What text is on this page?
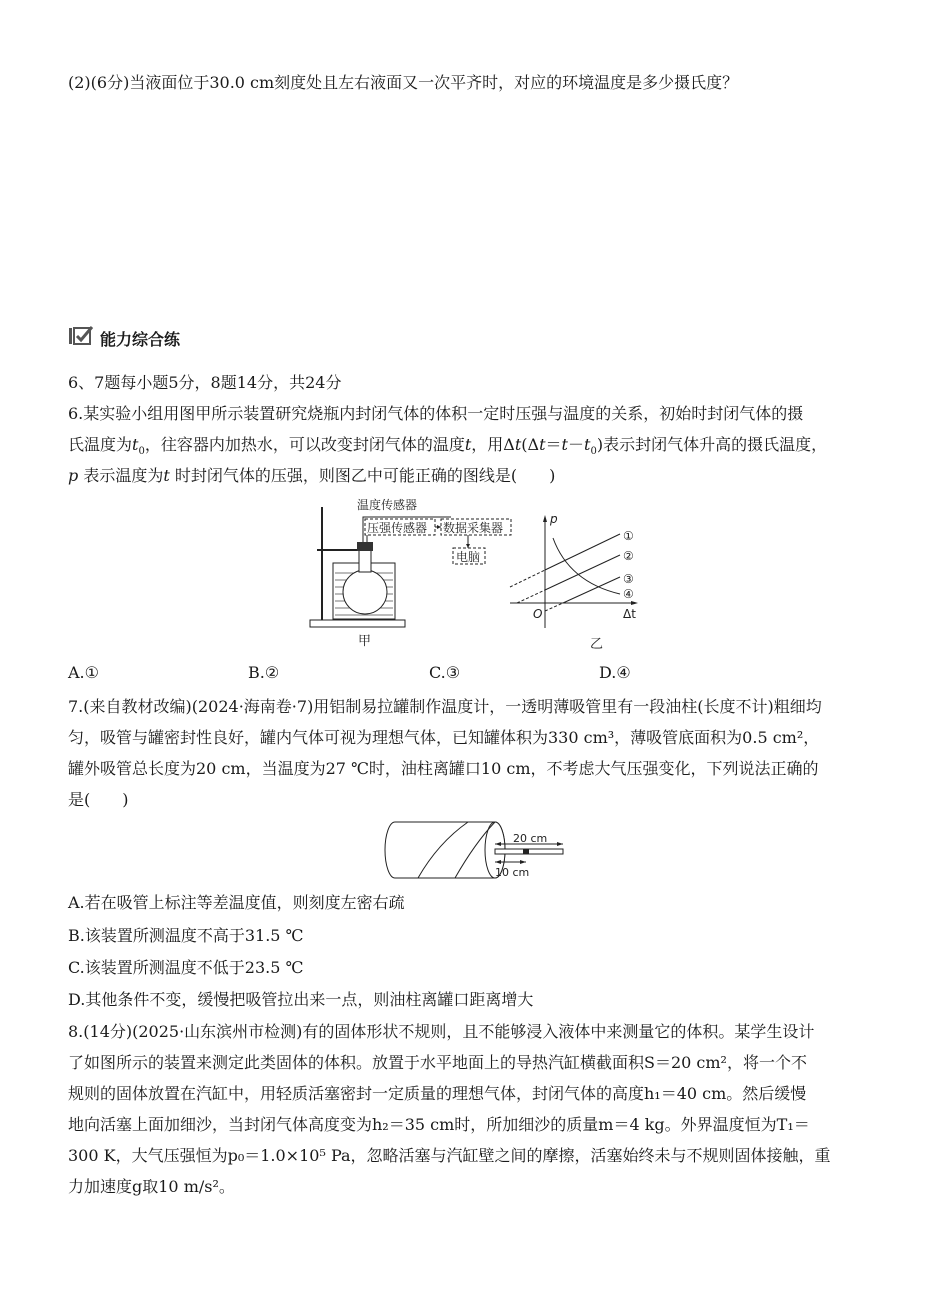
(2)(6分)当液面位于30.0 cm刻度处且左右液面又一次平齐时，对应的环境温度是多少摄氏度？
能力综合练
6、7题每小题5分，8题14分，共24分
6.某实验小组用图甲所示装置研究烧瓶内封闭气体的体积一定时压强与温度的关系，初始时封闭气体的摄
氏温度为$t_0$，往容器内加热水，可以改变封闭气体的温度t，用$\Delta t(\Delta t=t-t_0)$表示封闭气体升高的摄氏温度，
p 表示温度为t 时封闭气体的压强，则图乙中可能正确的图线是(　　)
温度传感器
压强传感器 数据采集器
电脑
甲
p
Δt
O
①
②
③
④
乙
A.①	B.②	C.③	D.④
7.(来自教材改编)(2024·海南卷·7)用铝制易拉罐制作温度计，一透明薄吸管里有一段油柱(长度不计)粗细均
匀，吸管与罐密封性良好，罐内气体可视为理想气体，已知罐体积为330 cm³，薄吸管底面积为0.5 cm²，
罐外吸管总长度为20 cm，当温度为27 ℃时，油柱离罐口10 cm，不考虑大气压强变化，下列说法正确的
是(　　)
20 cm
10 cm
A.若在吸管上标注等差温度值，则刻度左密右疏
B.该装置所测温度不高于31.5 ℃
C.该装置所测温度不低于23.5 ℃
D.其他条件不变，缓慢把吸管拉出来一点，则油柱离罐口距离增大
8.(14分)(2025·山东滨州市检测)有的固体形状不规则，且不能够浸入液体中来测量它的体积。某学生设计
了如图所示的装置来测定此类固体的体积。放置于水平地面上的导热汽缸横截面积S＝20 cm²，将一个不
规则的固体放置在汽缸中，用轻质活塞密封一定质量的理想气体，封闭气体的高度h₁＝40 cm。然后缓慢
地向活塞上面加细沙，当封闭气体高度变为h₂＝35 cm时，所加细沙的质量m＝4 kg。外界温度恒为T₁＝
300 K，大气压强恒为p₀＝1.0×10⁵ Pa，忽略活塞与汽缸壁之间的摩擦，活塞始终未与不规则固体接触，重
力加速度g取10 m/s²。
